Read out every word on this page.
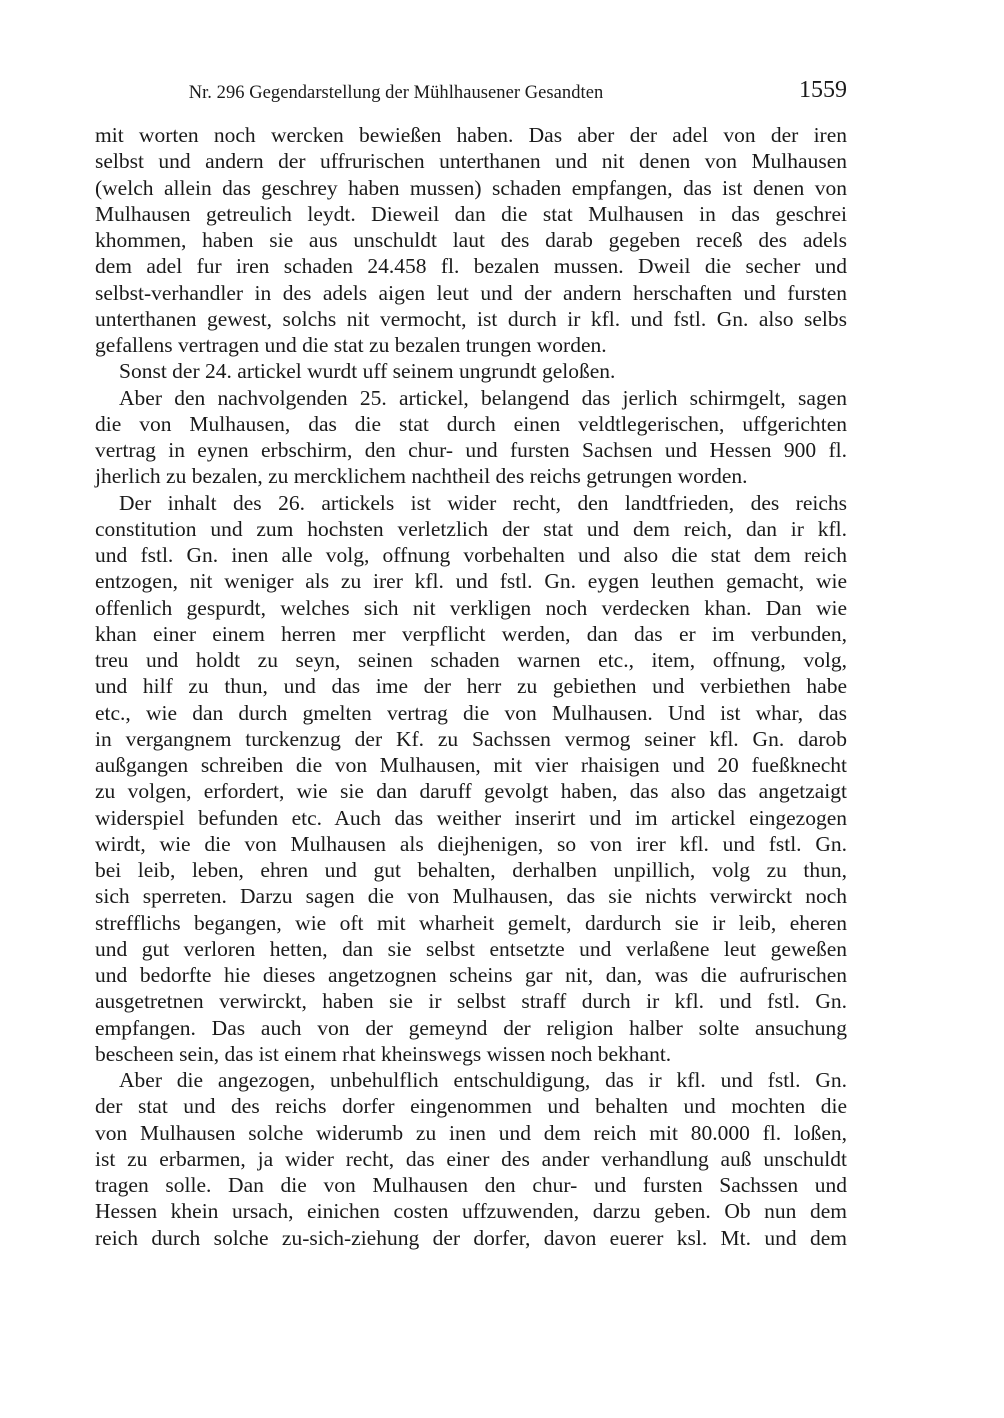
Nr. 296 Gegendarstellung der Mühlhausener Gesandten	1559
mit worten noch wercken bewießen haben. Das aber der adel von der iren
selbst und andern der uffrurischen unterthanen und nit denen von Mulhausen
(welch allein das geschrey haben mussen) schaden empfangen, das ist denen von
Mulhausen getreulich leydt. Dieweil dan die stat Mulhausen in das geschrei
khommen, haben sie aus unschuldt laut des darab gegeben receß des adels
dem adel fur iren schaden 24.458 fl. bezalen mussen. Dweil die secher und
selbst-verhandler in des adels aigen leut und der andern herschaften und fursten
unterthanen gewest, solchs nit vermocht, ist durch ir kfl. und fstl. Gn. also selbs
gefallens vertragen und die stat zu bezalen trungen worden.
Sonst der 24. artickel wurdt uff seinem ungrundt geloßen.
Aber den nachvolgenden 25. artickel, belangend das jerlich schirmgelt, sagen
die von Mulhausen, das die stat durch einen veldtlegerischen, uffgerichten
vertrag in eynen erbschirm, den chur- und fursten Sachsen und Hessen 900 fl.
jherlich zu bezalen, zu mercklichem nachtheil des reichs getrungen worden.
Der inhalt des 26. artickels ist wider recht, den landtfrieden, des reichs
constitution und zum hochsten verletzlich der stat und dem reich, dan ir kfl.
und fstl. Gn. inen alle volg, offnung vorbehalten und also die stat dem reich
entzogen, nit weniger als zu irer kfl. und fstl. Gn. eygen leuthen gemacht, wie
offenlich gespurdt, welches sich nit verkligen noch verdecken khan. Dan wie
khan einer einem herren mer verpflicht werden, dan das er im verbunden,
treu und holdt zu seyn, seinen schaden warnen etc., item, offnung, volg,
und hilf zu thun, und das ime der herr zu gebiethen und verbiethen habe
etc., wie dan durch gmelten vertrag die von Mulhausen. Und ist whar, das
in vergangnem turckenzug der Kf. zu Sachssen vermog seiner kfl. Gn. darob
außgangen schreiben die von Mulhausen, mit vier rhaisigen und 20 fueßknecht
zu volgen, erfordert, wie sie dan daruff gevolgt haben, das also das angetzaigt
widerspiel befunden etc. Auch das weither inserirt und im artickel eingezogen
wirdt, wie die von Mulhausen als diejhenigen, so von irer kfl. und fstl. Gn.
bei leib, leben, ehren und gut behalten, derhalben unpillich, volg zu thun,
sich sperreten. Darzu sagen die von Mulhausen, das sie nichts verwirckt noch
strefflichs begangen, wie oft mit wharheit gemelt, dardurch sie ir leib, eheren
und gut verloren hetten, dan sie selbst entsetzte und verlaßene leut geweßen
und bedorfte hie dieses angetzognen scheins gar nit, dan, was die aufrurischen
ausgetretnen verwirckt, haben sie ir selbst straff durch ir kfl. und fstl. Gn.
empfangen. Das auch von der gemeynd der religion halber solte ansuchung
bescheen sein, das ist einem rhat kheinswegs wissen noch bekhant.
Aber die angezogen, unbehulflich entschuldigung, das ir kfl. und fstl. Gn.
der stat und des reichs dorfer eingenommen und behalten und mochten die
von Mulhausen solche widerumb zu inen und dem reich mit 80.000 fl. loßen,
ist zu erbarmen, ja wider recht, das einer des ander verhandlung auß unschuldt
tragen solle. Dan die von Mulhausen den chur- und fursten Sachssen und
Hessen khein ursach, einichen costen uffzuwenden, darzu geben. Ob nun dem
reich durch solche zu-sich-ziehung der dorfer, davon euerer ksl. Mt. und dem
